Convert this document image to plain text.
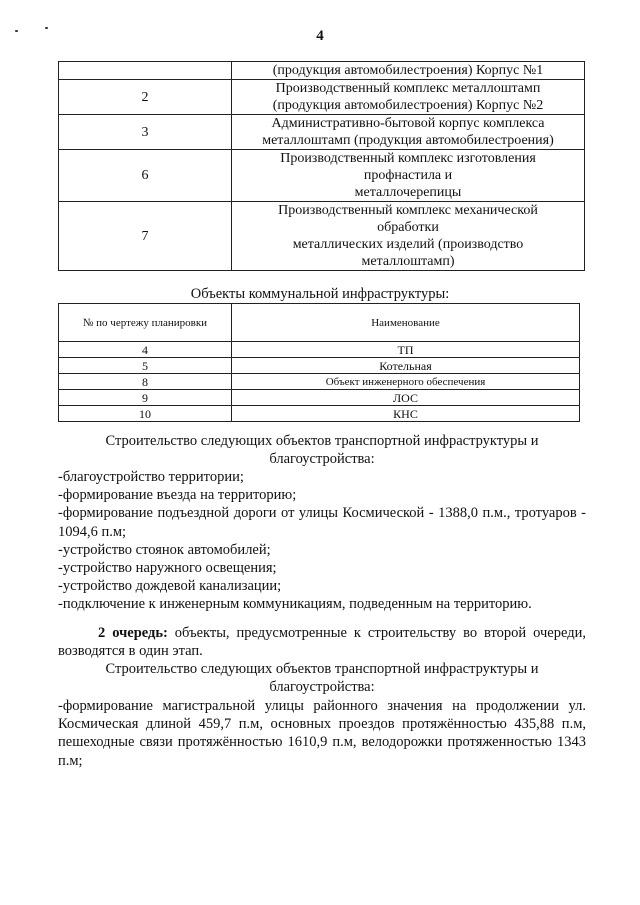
4

	(продукция автомобилестроения) Корпус №1

2	Производственный комплекс металлоштамп
(продукция автомобилестроения) Корпус №2

3	Административно-бытовой корпус комплекса
металлоштамп (продукция автомобилестроения)

6	Производственный комплекс изготовления
профнастила и
металлочерепицы

7	Производственный комплекс механической
обработки
металлических изделий (производство
металлоштамп)
Объекты коммунальной инфраструктуры:
№ по чертежу планировки	Наименование
4	ТП
5	Котельная
8	Объект инженерного обеспечения
9	ЛОС
10	КНС

Строительство следующих объектов транспортной инфраструктуры и

благоустройства:

-благоустройство территории;

-формирование въезда на территорию;

-формирование подъездной дороги от улицы Космической - 1388,0 п.м., тротуаров - 1094,6 п.м;

-устройство стоянок автомобилей;

-устройство наружного освещения;

-устройство дождевой канализации;

-подключение к инженерным коммуникациям, подведенным на территорию.

2 очередь: объекты, предусмотренные к строительству во второй очереди, возводятся в один этап.

Строительство следующих объектов транспортной инфраструктуры и

благоустройства:

-формирование магистральной улицы районного значения на продолжении ул. Космическая длиной 459,7 п.м, основных проездов протяжённостью 435,88 п.м, пешеходные связи протяжённостью 1610,9 п.м, велодорожки протяженностью 1343 п.м;
